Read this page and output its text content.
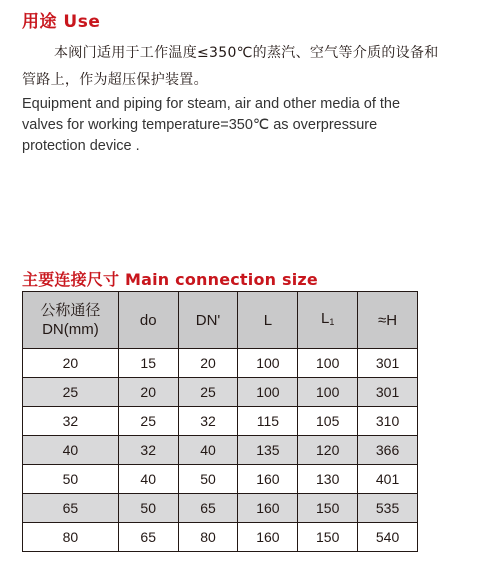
用途 Use
本阀门适用于工作温度≤350℃的蒸汽、空气等介质的设备和管路上，作为超压保护装置。
Equipment and piping for steam, air and other media of the valves for working temperature=350℃ as overpressure protection device .
主要连接尺寸 Main connection size
公称通径
DN(mm)	do	DN'	L	$L_1$	≈H
20	15	20	100	100	301
25	20	25	100	100	301
32	25	32	115	105	310
40	32	40	135	120	366
50	40	50	160	130	401
65	50	65	160	150	535
80	65	80	160	150	540
